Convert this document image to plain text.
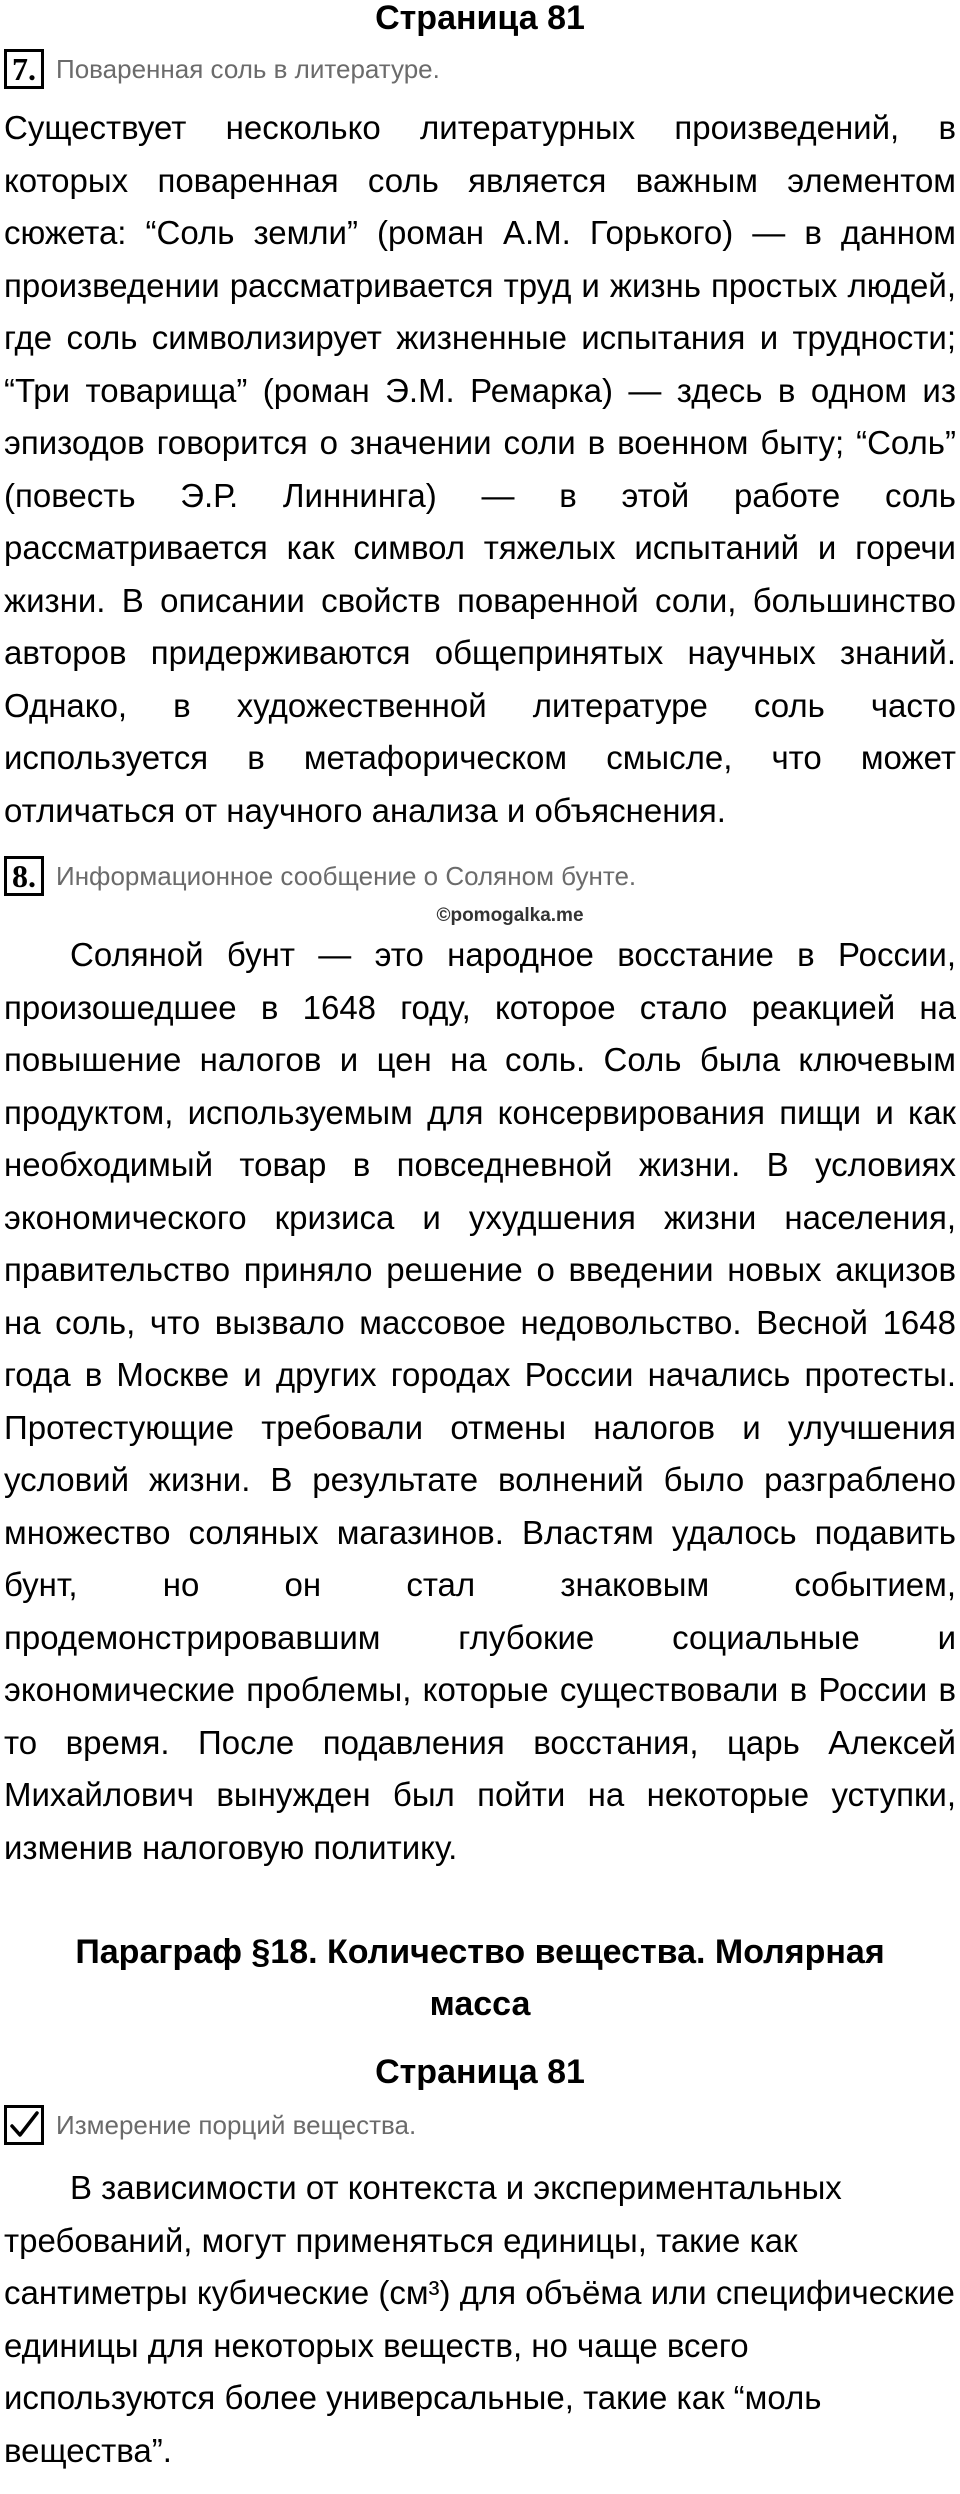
Страница 81
7. Поваренная соль в литературе.

Существует несколько литературных произведений, в которых поваренная соль является важным элементом сюжета: “Соль земли” (роман А.М. Горького) — в данном произведении рассматривается труд и жизнь простых людей, где соль символизирует жизненные испытания и трудности; “Три товарища” (роман Э.М. Ремарка) — здесь в одном из эпизодов говорится о значении соли в военном быту; “Соль” (повесть Э.Р. Линнинга) — в этой работе соль рассматривается как символ тяжелых испытаний и горечи жизни. В описании свойств поваренной соли, большинство авторов придерживаются общепринятых научных знаний. Однако, в художественной литературе соль часто используется в метафорическом смысле, что может отличаться от научного анализа и объяснения.

8. Информационное сообщение о Соляном бунте.
©pomogalka.me

Соляной бунт — это народное восстание в России, произошедшее в 1648 году, которое стало реакцией на повышение налогов и цен на соль. Соль была ключевым продуктом, используемым для консервирования пищи и как необходимый товар в повседневной жизни. В условиях экономического кризиса и ухудшения жизни населения, правительство приняло решение о введении новых акцизов на соль, что вызвало массовое недовольство. Весной 1648 года в Москве и других городах России начались протесты. Протестующие требовали отмены налогов и улучшения условий жизни. В результате волнений было разграблено множество соляных магазинов. Властям удалось подавить бунт, но он стал знаковым событием, продемонстрировавшим глубокие социальные и экономические проблемы, которые существовали в России в то время. После подавления восстания, царь Алексей Михайлович вынужден был пойти на некоторые уступки, изменив налоговую политику.

Параграф §18. Количество вещества. Молярная масса
Страница 81
Измерение порций вещества.

В зависимости от контекста и экспериментальных требований, могут применяться единицы, такие как сантиметры кубические (см³) для объёма или специфические единицы для некоторых веществ, но чаще всего используются более универсальные, такие как “моль вещества”.
